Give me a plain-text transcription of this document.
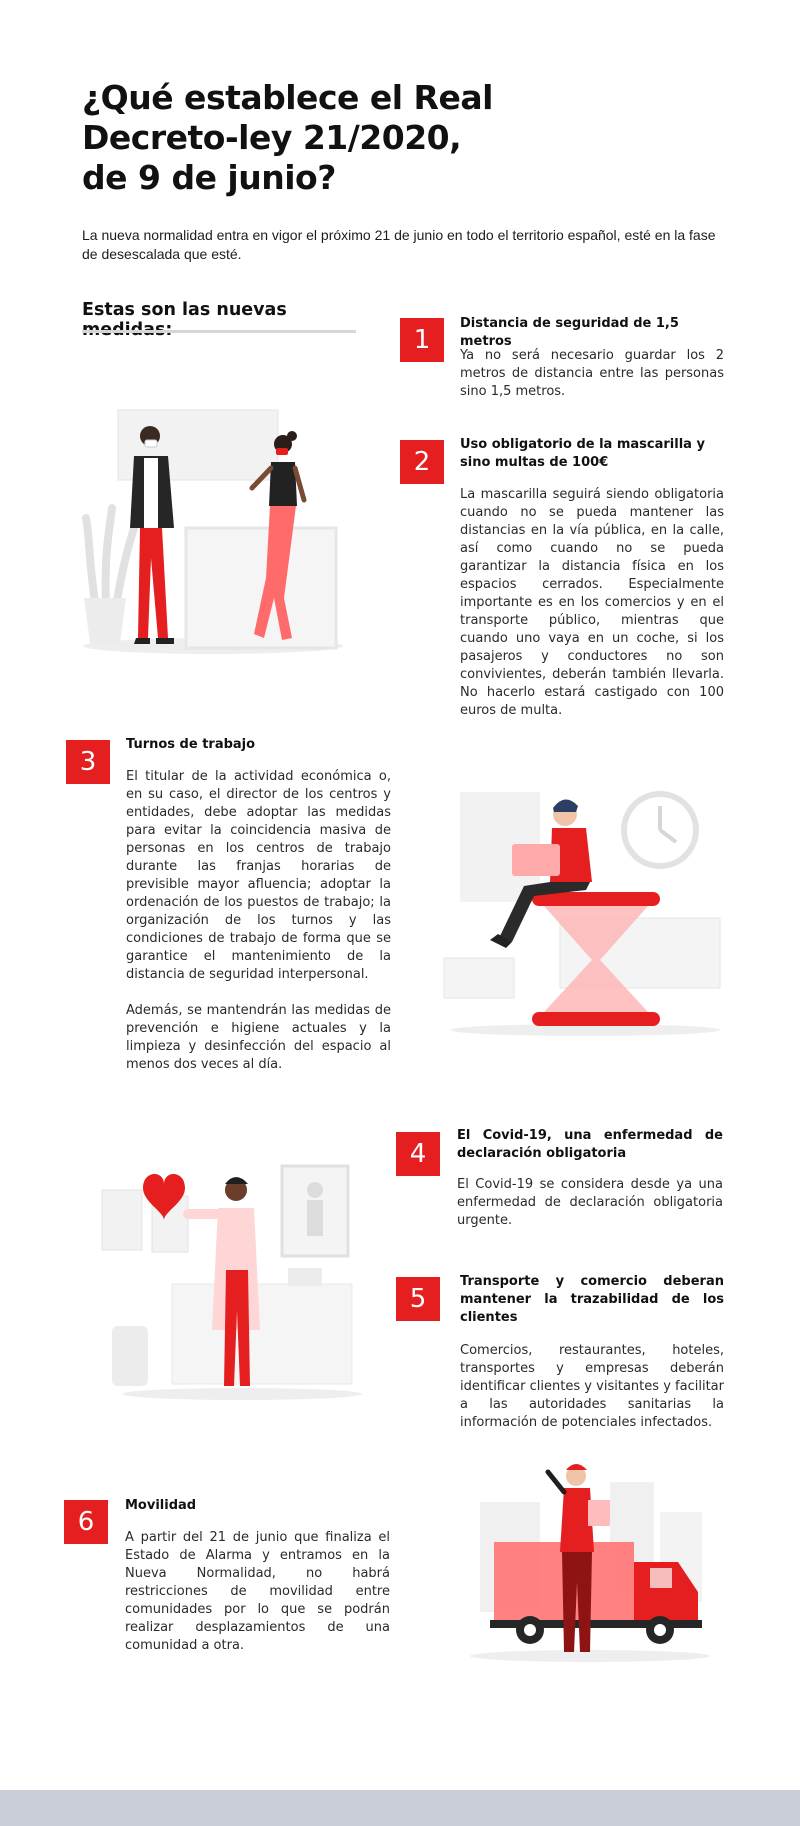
¿Qué establece el Real
Decreto-ley 21/2020,
de 9 de junio?
La nueva normalidad entra en vigor el próximo 21 de junio en todo el territorio español, esté en la fase de desescalada que esté.
Estas son las nuevas
1
Distancia de seguridad de 1,5 metros

Ya no será necesario guardar los 2 metros de distancia entre las personas sino 1,5 metros.

2
Uso obligatorio de la mascarilla y sino multas de 100€

La mascarilla seguirá siendo obligatoria cuando no se pueda mantener las distancias en la vía pública, en la calle, así como cuando no se pueda garantizar la distancia física en los espacios cerrados. Especialmente importante es en los comercios y en el transporte público, mientras que cuando uno vaya en un coche, si los pasajeros y conductores no son convivientes, deberán también llevarla. No hacerlo estará castigado con 100 euros de multa.

3
Turnos de trabajo

El titular de la actividad económica o, en su caso, el director de los centros y entidades, debe adoptar las medidas para evitar la coincidencia masiva de personas en los centros de trabajo durante las franjas horarias de previsible mayor afluencia; adoptar la ordenación de los puestos de trabajo; la organización de los turnos y las condiciones de trabajo de forma que se garantice el mantenimiento de la distancia de seguridad interpersonal.

Además, se mantendrán las medidas de prevención e higiene actuales y la limpieza y desinfección del espacio al menos dos veces al día.

4
El Covid-19, una enfermedad de declaración obligatoria

El Covid-19 se considera desde ya una enfermedad de declaración obligatoria urgente.

5
Transporte y comercio deberan mantener la trazabilidad de los clientes

Comercios, restaurantes, hoteles, transportes y empresas deberán identificar clientes y visitantes y facilitar a las autoridades sanitarias la información de potenciales infectados.

6
Movilidad

A partir del 21 de junio que finaliza el Estado de Alarma y entramos en la Nueva Normalidad, no habrá restricciones de movilidad entre comunidades por lo que se podrán realizar desplazamientos de una comunidad a otra.
